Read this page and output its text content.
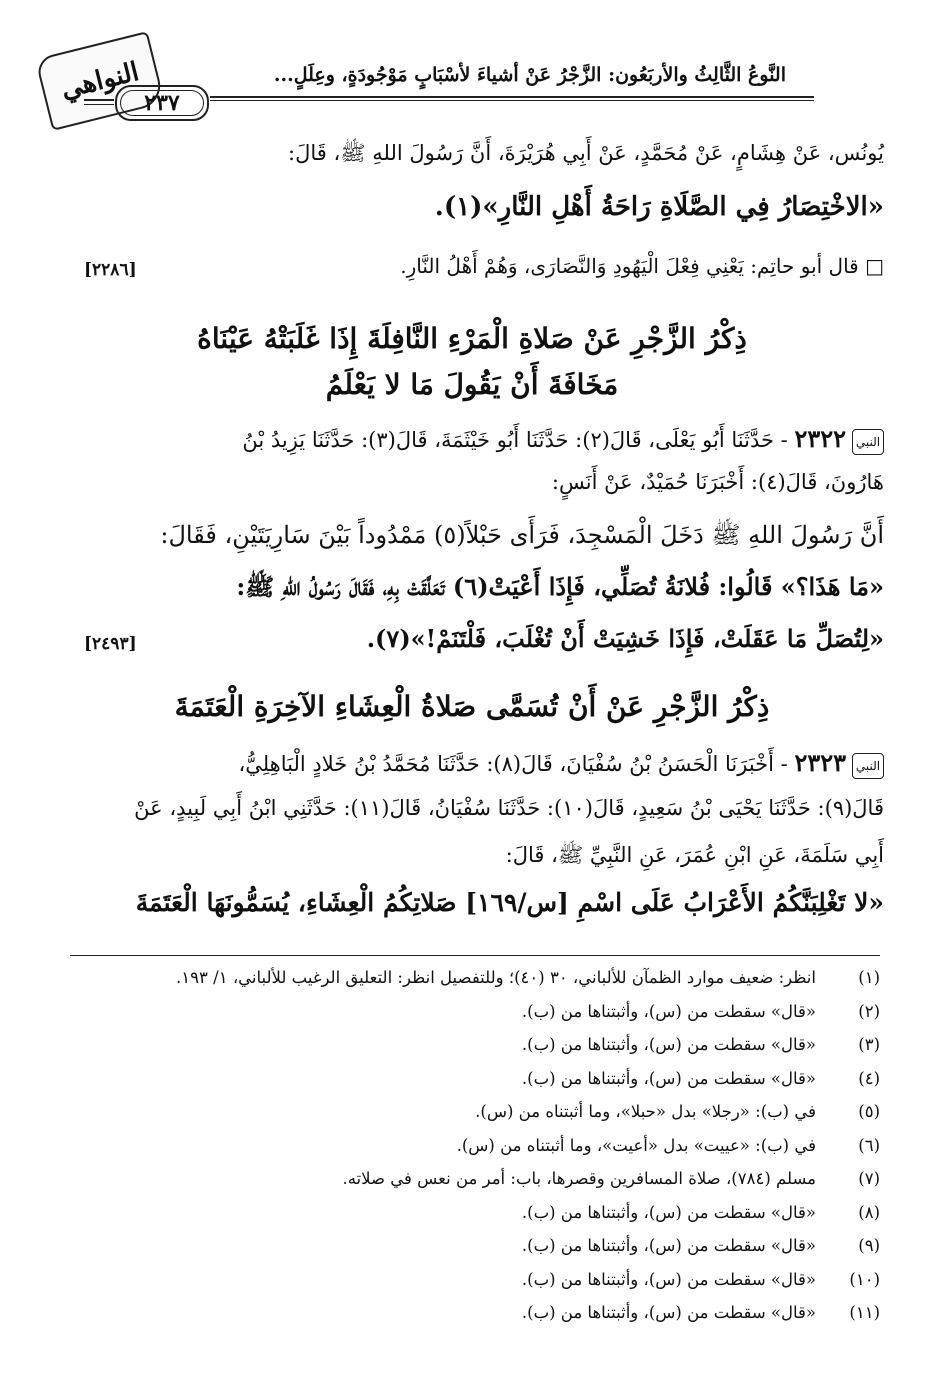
النواهي	النَّوعُ الثَّالِثُ والأربَعُون: الزَّجْرُ عَنْ أشياءَ لأسْبَابٍ مَوْجُودَةٍ، وعِلَلٍ...
٢٣٧
يُونُس، عَنْ هِشَامٍ، عَنْ مُحَمَّدٍ، عَنْ أَبِي هُرَيْرَةَ، أَنَّ رَسُولَ اللهِ ﷺ، قَالَ:
«الاخْتِصَارُ فِي الصَّلَاةِ رَاحَةُ أَهْلِ النَّارِ»(١).
□ قال أبو حاتِم: يَعْنِي فِعْلَ الْيَهُودِ وَالنَّصَارَى، وَهُمْ أَهْلُ النَّارِ.
[٢٢٨٦]
ذِكْرُ الزَّجْرِ عَنْ صَلاةِ الْمَرْءِ النَّافِلَةَ إِذَا غَلَبَتْهُ عَيْنَاهُ
مَخَافَةَ أَنْ يَقُولَ مَا لا يَعْلَمُ
النبي٢٣٢٢ - حَدَّثَنَا أَبُو يَعْلَى، قَالَ(٢): حَدَّثَنَا أَبُو خَيْثَمَةَ، قَالَ(٣): حَدَّثَنَا يَزِيدُ بْنُ
هَارُونَ، قَالَ(٤): أَخْبَرَنَا حُمَيْدٌ، عَنْ أَنَسٍ:
أَنَّ رَسُولَ اللهِ ﷺ دَخَلَ الْمَسْجِدَ، فَرَأَى حَبْلاً(٥) مَمْدُوداً بَيْنَ سَارِيَتَيْنِ، فَقَالَ:
«مَا هَذَا؟» قَالُوا: فُلانَةُ تُصَلِّي، فَإِذَا أَعْيَتْ(٦) تَعَلَّقَتْ بِهِ، فَقَالَ رَسُولُ اللهِ ﷺ:
«لِتُصَلِّ مَا عَقَلَتْ، فَإِذَا خَشِيَتْ أَنْ تُغْلَبَ، فَلْتَنَمْ!»(٧).
[٢٤٩٣]
ذِكْرُ الزَّجْرِ عَنْ أَنْ تُسَمَّى صَلاةُ الْعِشَاءِ الآخِرَةِ الْعَتَمَةَ
النبي٢٣٢٣ - أَخْبَرَنَا الْحَسَنُ بْنُ سُفْيَانَ، قَالَ(٨): حَدَّثَنَا مُحَمَّدُ بْنُ خَلادٍ الْبَاهِلِيُّ،
قَالَ(٩): حَدَّثَنَا يَحْيَى بْنُ سَعِيدٍ، قَالَ(١٠): حَدَّثَنَا سُفْيَانُ، قَالَ(١١): حَدَّثَنِي ابْنُ أَبِي لَبِيدٍ، عَنْ
أَبِي سَلَمَةَ، عَنِ ابْنِ عُمَرَ، عَنِ النَّبِيِّ ﷺ، قَالَ:
«لا تَغْلِبَنَّكُمُ الأَعْرَابُ عَلَى اسْمِ [س/١٦٩] صَلاتِكُمُ الْعِشَاءِ، يُسَمُّونَهَا الْعَتَمَةَ
(١)انظر: ضعيف موارد الظمآن للألباني، ٣٠ (٤٠)؛ وللتفصيل انظر: التعليق الرغيب للألباني، ١/ ١٩٣.
(٢)«قال» سقطت من (س)، وأثبتناها من (ب).
(٣)«قال» سقطت من (س)، وأثبتناها من (ب).
(٤)«قال» سقطت من (س)، وأثبتناها من (ب).
(٥)في (ب): «رجلا» بدل «حبلا»، وما أثبتناه من (س).
(٦)في (ب): «عييت» بدل «أعيت»، وما أثبتناه من (س).
(٧)مسلم (٧٨٤)، صلاة المسافرين وقصرها، باب: أمر من نعس في صلاته.
(٨)«قال» سقطت من (س)، وأثبتناها من (ب).
(٩)«قال» سقطت من (س)، وأثبتناها من (ب).
(١٠)«قال» سقطت من (س)، وأثبتناها من (ب).
(١١)«قال» سقطت من (س)، وأثبتناها من (ب).
